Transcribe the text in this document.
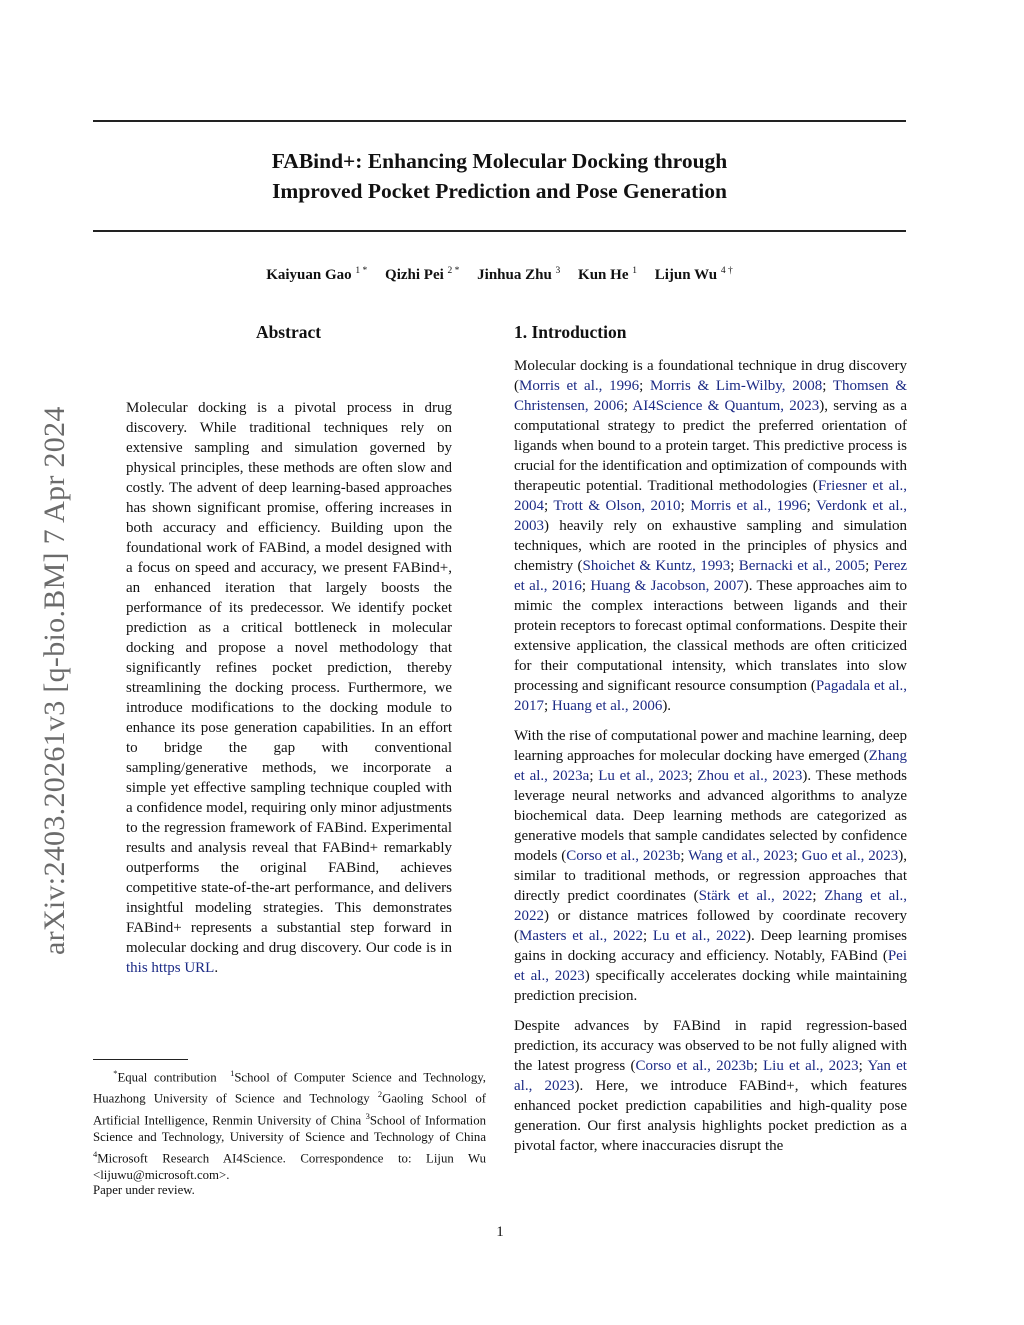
arXiv:2403.20261v3 [q-bio.BM] 7 Apr 2024
FABind+: Enhancing Molecular Docking through
Improved Pocket Prediction and Pose Generation

Kaiyuan Gao $^{1 *}$ Qizhi Pei $^{2 *}$ Jinhua Zhu $^3$ Kun He $^1$ Lijun Wu $^{4 \dagger}$

Abstract

Molecular docking is a pivotal process in drug discovery. While traditional techniques rely on extensive sampling and simulation governed by physical principles, these methods are often slow and costly. The advent of deep learning-based approaches has shown significant promise, offering increases in both accuracy and efficiency. Building upon the foundational work of FABind, a model designed with a focus on speed and accuracy, we present FABind+, an enhanced iteration that largely boosts the performance of its predecessor. We identify pocket prediction as a critical bottleneck in molecular docking and propose a novel methodology that significantly refines pocket prediction, thereby streamlining the docking process. Furthermore, we introduce modifications to the docking module to enhance its pose generation capabilities. In an effort to bridge the gap with conventional sampling/generative methods, we incorporate a simple yet effective sampling technique coupled with a confidence model, requiring only minor adjustments to the regression framework of FABind. Experimental results and analysis reveal that FABind+ remarkably outperforms the original FABind, achieves competitive state-of-the-art performance, and delivers insightful modeling strategies. This demonstrates FABind+ represents a substantial step forward in molecular docking and drug discovery. Our code is in this https URL.

1. Introduction

Molecular docking is a foundational technique in drug discovery (Morris et al., 1996; Morris & Lim-Wilby, 2008; Thomsen & Christensen, 2006; AI4Science & Quantum, 2023), serving as a computational strategy to predict the preferred orientation of ligands when bound to a protein target. This predictive process is crucial for the identification and optimization of compounds with therapeutic potential. Traditional methodologies (Friesner et al., 2004; Trott & Olson, 2010; Morris et al., 1996; Verdonk et al., 2003) heavily rely on exhaustive sampling and simulation techniques, which are rooted in the principles of physics and chemistry (Shoichet & Kuntz, 1993; Bernacki et al., 2005; Perez et al., 2016; Huang & Jacobson, 2007). These approaches aim to mimic the complex interactions between ligands and their protein receptors to forecast optimal conformations. Despite their extensive application, the classical methods are often criticized for their computational intensity, which translates into slow processing and significant resource consumption (Pagadala et al., 2017; Huang et al., 2006).

With the rise of computational power and machine learning, deep learning approaches for molecular docking have emerged (Zhang et al., 2023a; Lu et al., 2023; Zhou et al., 2023). These methods leverage neural networks and advanced algorithms to analyze biochemical data. Deep learning methods are categorized as generative models that sample candidates selected by confidence models (Corso et al., 2023b; Wang et al., 2023; Guo et al., 2023), similar to traditional methods, or regression approaches that directly predict coordinates (Stärk et al., 2022; Zhang et al., 2022) or distance matrices followed by coordinate recovery (Masters et al., 2022; Lu et al., 2022). Deep learning promises gains in docking accuracy and efficiency. Notably, FABind (Pei et al., 2023) specifically accelerates docking while maintaining prediction precision.

Despite advances by FABind in rapid regression-based prediction, its accuracy was observed to be not fully aligned with the latest progress (Corso et al., 2023b; Liu et al., 2023; Yan et al., 2023). Here, we introduce FABind+, which features enhanced pocket prediction capabilities and high-quality pose generation. Our first analysis highlights pocket prediction as a pivotal factor, where inaccuracies disrupt the

*Equal contribution $^1$School of Computer Science and Technology, Huazhong University of Science and Technology $^2$Gaoling School of Artificial Intelligence, Renmin University of China $^3$School of Information Science and Technology, University of Science and Technology of China $^4$Microsoft Research AI4Science. Correspondence to: Lijun Wu <lijuwu@microsoft.com>.

Paper under review.

1
